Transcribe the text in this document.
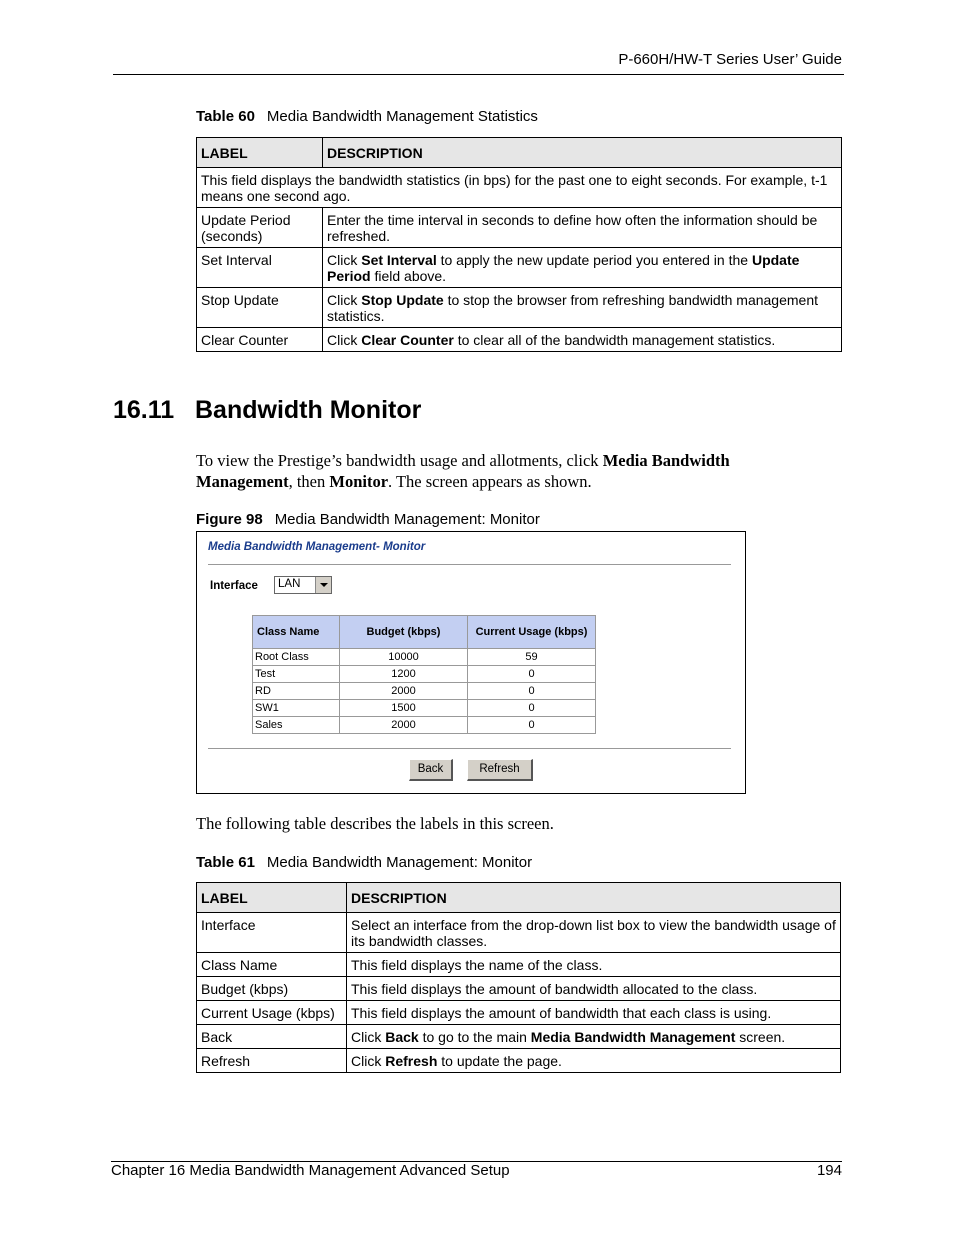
P-660H/HW-T Series User’ Guide
Table 60 Media Bandwidth Management Statistics
LABEL	DESCRIPTION
This field displays the bandwidth statistics (in bps) for the past one to eight seconds. For example, t-1 means one second ago.	
Update Period (seconds)	Enter the time interval in seconds to define how often the information should be refreshed.
Set Interval	Click Set Interval to apply the new update period you entered in the Update Period field above.
Stop Update	Click Stop Update to stop the browser from refreshing bandwidth management statistics.
Clear Counter	Click Clear Counter to clear all of the bandwidth management statistics.
16.11 Bandwidth Monitor
To view the Prestige’s bandwidth usage and allotments, click Media Bandwidth Management, then Monitor. The screen appears as shown.
Figure 98 Media Bandwidth Management: Monitor
Media Bandwidth Management- Monitor
Interface LAN
Class Name	Budget (kbps)	Current Usage (kbps)
Root Class	10000	59
Test	1200	0
RD	2000	0
SW1	1500	0
Sales	2000	0
Back	Refresh
The following table describes the labels in this screen.
Table 61 Media Bandwidth Management: Monitor
LABEL	DESCRIPTION
Interface	Select an interface from the drop-down list box to view the bandwidth usage of its bandwidth classes.
Class Name	This field displays the name of the class.
Budget (kbps)	This field displays the amount of bandwidth allocated to the class.
Current Usage (kbps)	This field displays the amount of bandwidth that each class is using.
Back	Click Back to go to the main Media Bandwidth Management screen.
Refresh	Click Refresh to update the page.
Chapter 16 Media Bandwidth Management Advanced Setup	194
